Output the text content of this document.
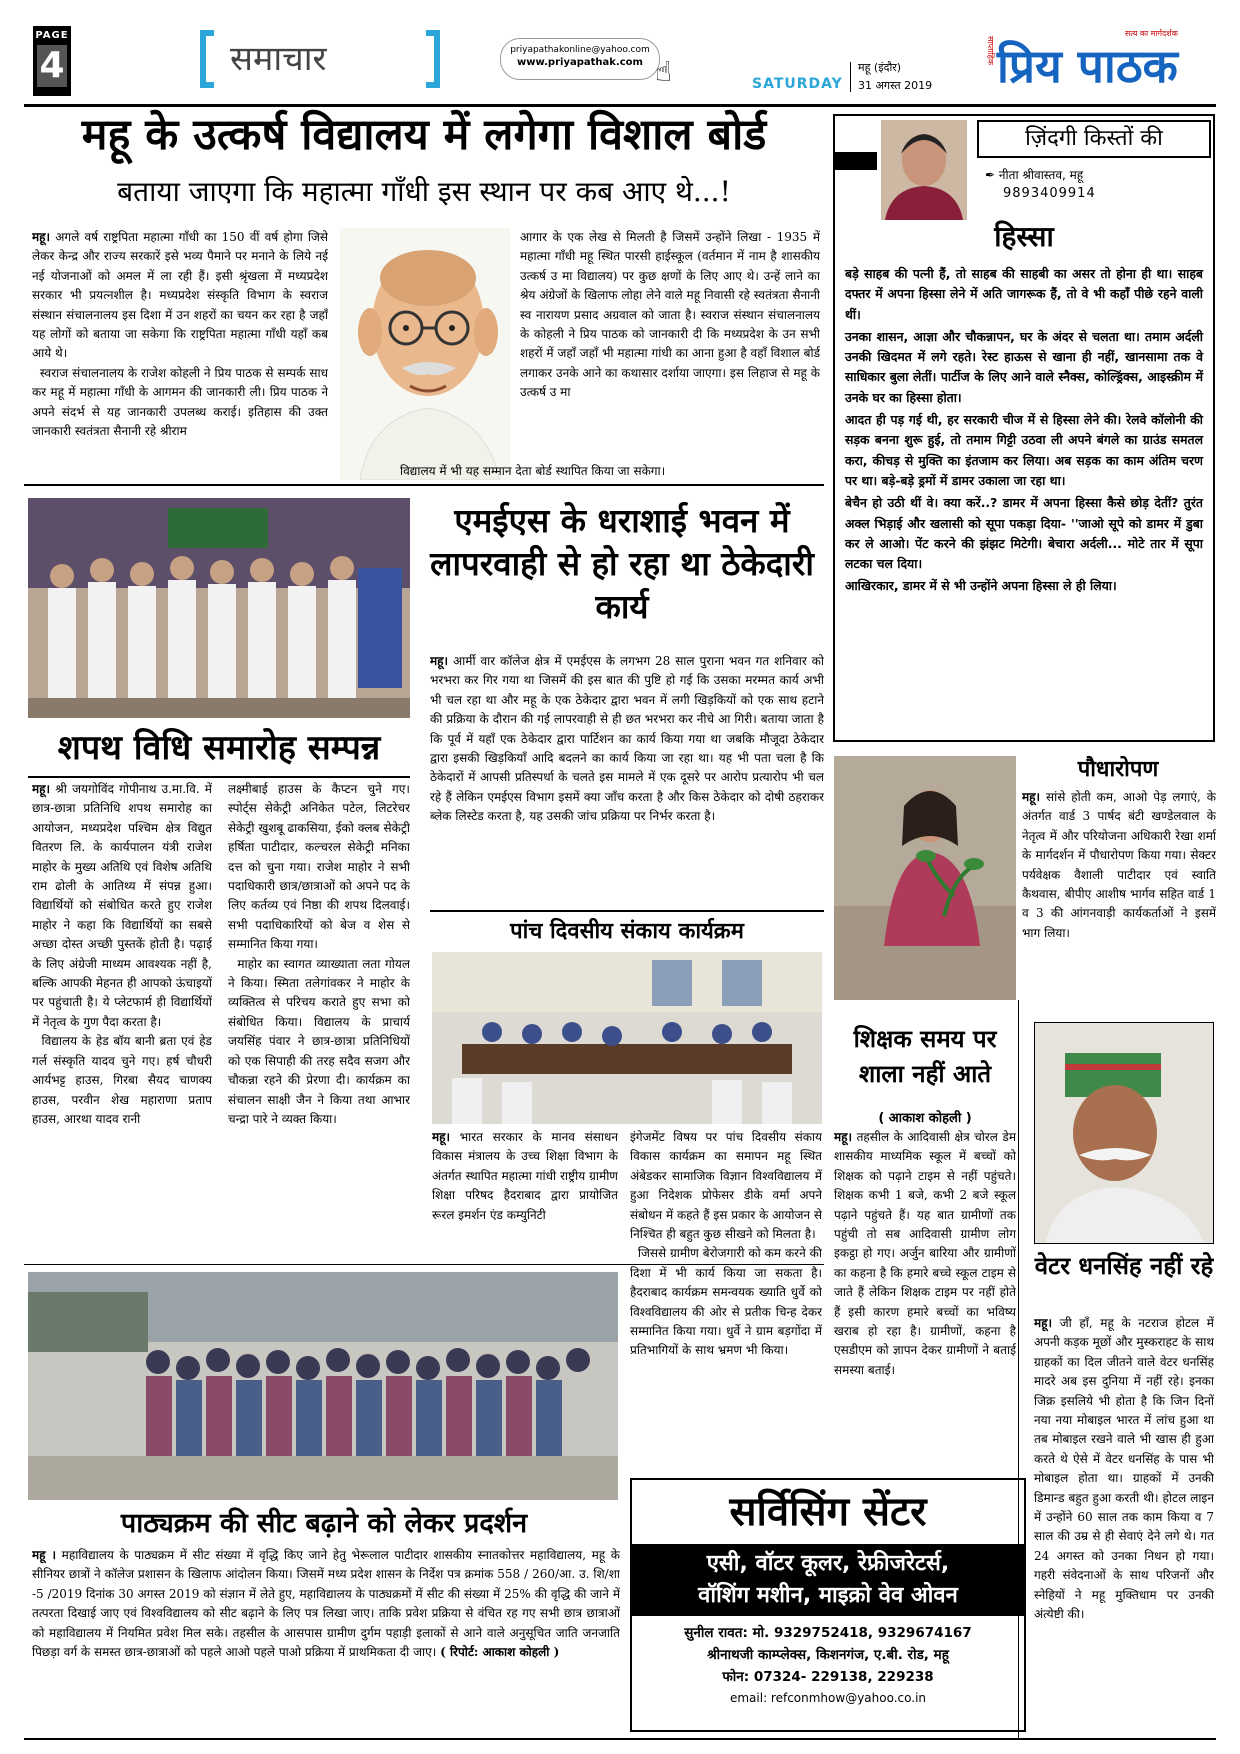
PAGE
4	समाचार	priyapathakonline@yahoo.com
www.priyapathak.com ☝	महू (इंदौर)
SATURDAY 31 अगस्त 2019
साप्ताहिक
सत्य का मार्गदर्शक
प्रिय पाठक
महू के उत्कर्ष विद्यालय में लगेगा विशाल बोर्ड
बताया जाएगा कि महात्मा गाँधी इस स्थान पर कब आए थे...!
महू। अगले वर्ष राष्ट्रपिता महात्मा गाँधी का 150 वीं वर्ष होगा जिसे लेकर केन्द्र और राज्य सरकारें इसे भव्य पैमाने पर मनाने के लिये नई नई योजनाओं को अमल में ला रही हैं। इसी श्रृंखला में मध्यप्रदेश सरकार भी प्रयत्नशील है। मध्यप्रदेश संस्कृति विभाग के स्वराज संस्थान संचालनालय इस दिशा में उन शहरों का चयन कर रहा है जहाँ यह लोगों को बताया जा सकेगा कि राष्ट्रपिता महात्मा गाँधी यहाँ कब आये थे।
स्वराज संचालनालय के राजेश कोहली ने प्रिय पाठक से सम्पर्क साध कर महू में महात्मा गाँधी के आगमन की जानकारी ली। प्रिय पाठक ने अपने संदर्भ से यह जानकारी उपलब्ध कराई। इतिहास की उक्त जानकारी स्वतंत्रता सैनानी रहे श्रीराम
आगार के एक लेख से मिलती है जिसमें उन्होंने लिखा - 1935 में महात्मा गाँधी महू स्थित पारसी हाईस्कूल (वर्तमान में नाम है शासकीय उत्कर्ष उ मा विद्यालय) पर कुछ क्षणों के लिए आए थे। उन्हें लाने का श्रेय अंग्रेजों के खिलाफ लोहा लेने वाले महू निवासी रहे स्वतंत्रता सैनानी स्व नारायण प्रसाद अग्रवाल को जाता है। स्वराज संस्थान संचालनालय के कोहली ने प्रिय पाठक को जानकारी दी कि मध्यप्रदेश के उन सभी शहरों में जहाँ जहाँ भी महात्मा गांधी का आना हुआ है वहाँ विशाल बोर्ड लगाकर उनके आने का कथासार दर्शाया जाएगा। इस लिहाज से महू के उत्कर्ष उ मा
विद्यालय में भी यह सम्मान देता बोर्ड स्थापित किया जा सकेगा।
ज़िंदगी किस्तों की
✒ नीता श्रीवास्तव, महू
9893409914
हिस्सा

बड़े साहब की पत्नी हैं, तो साहब की साहबी का असर तो होना ही था। साहब दफ्तर में अपना हिस्सा लेने में अति जागरूक हैं, तो वे भी कहाँ पीछे रहने वाली थीं।

उनका शासन, आज्ञा और चौकन्नापन, घर के अंदर से चलता था। तमाम अर्दली उनकी खिदमत में लगे रहते। रेस्ट हाऊस से खाना ही नहीं, खानसामा तक वे साधिकार बुला लेतीं। पार्टीज के लिए आने वाले स्नैक्स, कोल्ड्रिंक्स, आइस्क्रीम में उनके घर का हिस्सा होता।

आदत ही पड़ गई थी, हर सरकारी चीज में से हिस्सा लेने की। रेलवे कॉलोनी की सड़क बनना शुरू हुई, तो तमाम गिट्टी उठवा ली अपने बंगले का ग्राउंड समतल करा, कीचड़ से मुक्ति का इंतजाम कर लिया। अब सड़क का काम अंतिम चरण पर था। बड़े-बड़े ड्रमों में डामर उकाला जा रहा था।

बेचैन हो उठी थीं वे। क्या करें..? डामर में अपना हिस्सा कैसे छोड़ देतीं? तुरंत अक्ल भिड़ाई और खलासी को सूपा पकड़ा दिया- ''जाओ सूपे को डामर में डुबा कर ले आओ। पेंट करने की झंझट मिटेगी। बेचारा अर्दली... मोटे तार में सूपा लटका चल दिया।

आखिरकार, डामर में से भी उन्होंने अपना हिस्सा ले ही लिया।

शपथ विधि समारोह सम्पन्न
महू। श्री जयगोविंद गोपीनाथ उ.मा.वि. में छात्र-छात्रा प्रतिनिधि शपथ समारोह का आयोजन, मध्यप्रदेश पश्चिम क्षेत्र विद्युत वितरण लि. के कार्यपालन यंत्री राजेश माहोर के मुख्य अतिथि एवं विशेष अतिथि राम ढोली के आतिथ्य में संपन्न हुआ। विद्यार्थियों को संबोधित करते हुए राजेश माहोर ने कहा कि विद्यार्थियों का सबसे अच्छा दोस्त अच्छी पुस्तकें होती है। पढ़ाई के लिए अंग्रेजी माध्यम आवश्यक नहीं है, बल्कि आपकी मेहनत ही आपको ऊंचाइयों पर पहुंचाती है। ये प्लेटफार्म ही विद्यार्थियों में नेतृत्व के गुण पैदा करता है।
विद्यालय के हेड बॉय बानी ब्रता एवं हेड गर्ल संस्कृति यादव चुने गए। हर्ष चौधरी आर्यभट्ट हाउस, गिरबा सैयद चाणक्य हाउस, परवीन शेख महाराणा प्रताप हाउस, आरथा यादव रानी
लक्ष्मीबाई हाउस के कैप्टन चुने गए। स्पोर्ट्स सेकेट्री अनिकेत पटेल, लिटरेचर सेकेट्री खुशबू ढाकसिया, ईको क्लब सेकेट्री हर्षिता पाटीदार, कल्चरल सेकेट्री मनिका दत्त को चुना गया। राजेश माहोर ने सभी पदाधिकारी छात्र/छात्राओं को अपने पद के लिए कर्तव्य एवं निष्ठा की शपथ दिलवाई। सभी पदाधिकारियों को बेज व शेस से सम्मानित किया गया।
माहोर का स्वागत व्याख्याता लता गोयल ने किया। स्मिता तलेगांवकर ने माहोर के व्यक्तित्व से परिचय कराते हुए सभा को संबोधित किया। विद्यालय के प्राचार्य जयसिंह पंवार ने छात्र-छात्रा प्रतिनिधियों को एक सिपाही की तरह सदैव सजग और चौकन्ना रहने की प्रेरणा दी। कार्यक्रम का संचालन साक्षी जैन ने किया तथा आभार चन्द्रा पारे ने व्यक्त किया।
एमईएस के धराशाई भवन में लापरवाही से हो रहा था ठेकेदारी कार्य
महू। आर्मी वार कॉलेज क्षेत्र में एमईएस के लगभग 28 साल पुराना भवन गत शनिवार को भरभरा कर गिर गया था जिसमें की इस बात की पुष्टि हो गई कि उसका मरम्मत कार्य अभी भी चल रहा था और महू के एक ठेकेदार द्वारा भवन में लगी खिड़कियों को एक साथ हटाने की प्रक्रिया के दौरान की गई लापरवाही से ही छत भरभरा कर नीचे आ गिरी। बताया जाता है कि पूर्व में यहाँ एक ठेकेदार द्वारा पार्टिशन का कार्य किया गया था जबकि मौजूदा ठेकेदार द्वारा इसकी खिड़कियाँ आदि बदलने का कार्य किया जा रहा था। यह भी पता चला है कि ठेकेदारों में आपसी प्रतिस्पर्धा के चलते इस मामले में एक दूसरे पर आरोप प्रत्यारोप भी चल रहे हैं लेकिन एमईएस विभाग इसमें क्या जाँच करता है और किस ठेकेदार को दोषी ठहराकर ब्लेक लिस्टेड करता है, यह उसकी जांच प्रक्रिया पर निर्भर करता है।
पांच दिवसीय संकाय कार्यक्रम
महू। भारत सरकार के मानव संसाधन विकास मंत्रालय के उच्च शिक्षा विभाग के अंतर्गत स्थापित महात्मा गांधी राष्ट्रीय ग्रामीण शिक्षा परिषद हैदराबाद द्वारा प्रायोजित रूरल इमर्शन एंड कम्युनिटी
इंगेजमेंट विषय पर पांच दिवसीय संकाय विकास कार्यक्रम का समापन महू स्थित अंबेडकर सामाजिक विज्ञान विश्वविद्यालय में हुआ निदेशक प्रोफेसर डीके वर्मा अपने संबोधन में कहते हैं इस प्रकार के आयोजन से निश्चित ही बहुत कुछ सीखने को मिलता है।
जिससे ग्रामीण बेरोजगारी को कम करने की दिशा में भी कार्य किया जा सकता है। हैदराबाद कार्यक्रम समन्वयक ख्याति धुर्वे को विश्वविद्यालय की ओर से प्रतीक चिन्ह देकर सम्मानित किया गया। धुर्वे ने ग्राम बड़गोंदा में प्रतिभागियों के साथ भ्रमण भी किया।
पौधारोपण
महू। सांसे होती कम, आओ पेड़ लगाएं, के अंतर्गत वार्ड 3 पार्षद बंटी खण्डेलवाल के नेतृत्व में और परियोजना अधिकारी रेखा शर्मा के मार्गदर्शन में पौधारोपण किया गया। सेक्टर पर्यवेक्षक वैशाली पाटीदार एवं स्वाति कैथवास, बीपीए आशीष भार्गव सहित वार्ड 1 व 3 की आंगनवाड़ी कार्यकर्ताओं ने इसमें भाग लिया।
शिक्षक समय पर शाला नहीं आते
( आकाश कोहली )
महू। तहसील के आदिवासी क्षेत्र चोरल डेम शासकीय माध्यमिक स्कूल में बच्चों को शिक्षक को पढ़ाने टाइम से नहीं पहुंचते। शिक्षक कभी 1 बजे, कभी 2 बजे स्कूल पढ़ाने पहुंचते हैं। यह बात ग्रामीणों तक पहुंची तो सब आदिवासी ग्रामीण लोग इकट्ठा हो गए। अर्जुन बारिया और ग्रामीणों का कहना है कि हमारे बच्चे स्कूल टाइम से जाते हैं लेकिन शिक्षक टाइम पर नहीं होते हैं इसी कारण हमारे बच्चों का भविष्य खराब हो रहा है। ग्रामीणों, कहना है एसडीएम को ज्ञापन देकर ग्रामीणों ने बताई समस्या बताई।
वेटर धनसिंह नहीं रहे
महू। जी हाँ, महू के नटराज होटल में अपनी कड़क मूछों और मुस्कराहट के साथ ग्राहकों का दिल जीतने वाले वेटर धनसिंह मादरे अब इस दुनिया में नहीं रहे। इनका जिक्र इसलिये भी होता है कि जिन दिनों नया नया मोबाइल भारत में लांच हुआ था तब मोबाइल रखने वाले भी खास ही हुआ करते थे ऐसे में वेटर धनसिंह के पास भी मोबाइल होता था। ग्राहकों में उनकी डिमान्ड बहुत हुआ करती थी। होटल लाइन में उन्होंने 60 साल तक काम किया व 7 साल की उम्र से ही सेवाएं देने लगे थे। गत 24 अगस्त को उनका निधन हो गया। गहरी संवेदनाओं के साथ परिजनों और स्नेहियों ने महू मुक्तिधाम पर उनकी अंत्येष्टी की।
पाठ्यक्रम की सीट बढ़ाने को लेकर प्रदर्शन
महू । महाविद्यालय के पाठ्यक्रम में सीट संख्या में वृद्धि किए जाने हेतु भेरूलाल पाटीदार शासकीय स्नातकोत्तर महाविद्यालय, महू के सीनियर छात्रों ने कॉलेज प्रशासन के खिलाफ आंदोलन किया। जिसमें मध्य प्रदेश शासन के निर्देश पत्र क्रमांक 558 / 260/आ. उ. शि/शा -5 /2019 दिनांक 30 अगस्त 2019 को संज्ञान में लेते हुए, महाविद्यालय के पाठ्यक्रमों में सीट की संख्या में 25% की वृद्धि की जाने में तत्परता दिखाई जाए एवं विश्वविद्यालय को सीट बढ़ाने के लिए पत्र लिखा जाए। ताकि प्रवेश प्रक्रिया से वंचित रह गए सभी छात्र छात्राओं को महाविद्यालय में नियमित प्रवेश मिल सके। तहसील के आसपास ग्रामीण दुर्गम पहाड़ी इलाकों से आने वाले अनुसूचित जाति जनजाति पिछड़ा वर्ग के समस्त छात्र-छात्राओं को पहले आओ पहले पाओ प्रक्रिया में प्राथमिकता दी जाए। ( रिपोर्ट: आकाश कोहली )
सर्विसिंग सेंटर
एसी, वॉटर कूलर, रेफ्रीजरेटर्स,
वॉशिंग मशीन, माइक्रो वेव ओवन
सुनील रावत: मो. 9329752418, 9329674167
श्रीनाथजी काम्प्लेक्स, किशनगंज, ए.बी. रोड, महू
फोन: 07324- 229138, 229238
email: refconmhow@yahoo.co.in
